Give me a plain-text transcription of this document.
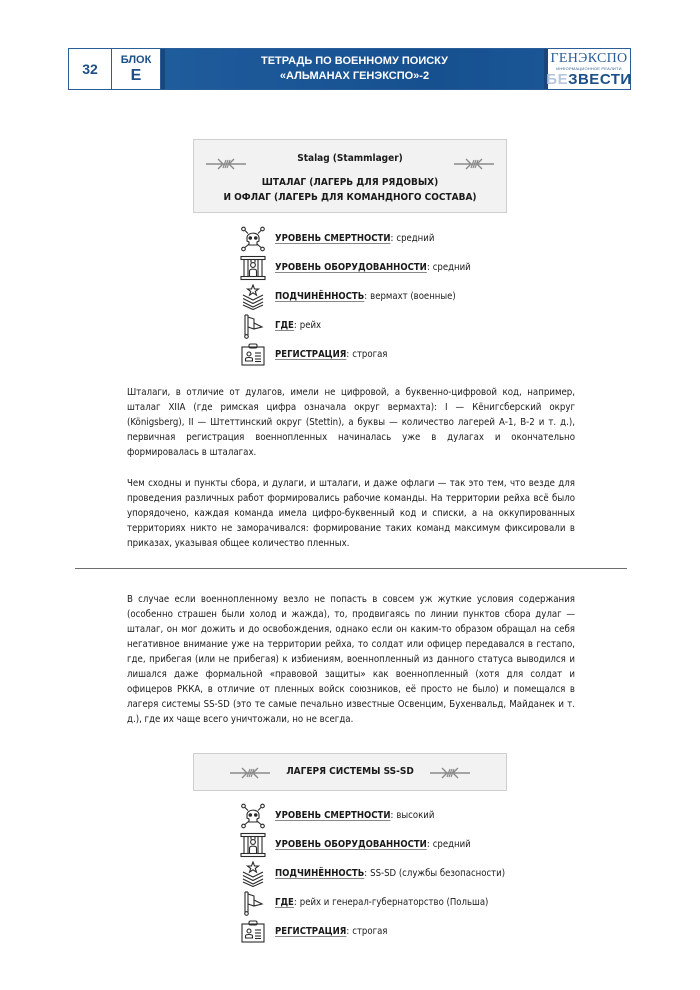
32
БЛОК
Е
ТЕТРАДЬ ПО ВОЕННОМУ ПОИСКУ
«АЛЬМАНАХ ГЕНЭКСПО»-2
ГЕНЭКСПО
ИНФОРМАЦИОННОЕ РЕАЛИТИ
БЕЗВЕСТИ
Stalag (Stammlager)
ШТАЛАГ (ЛАГЕРЬ ДЛЯ РЯДОВЫХ)
И ОФЛАГ (ЛАГЕРЬ ДЛЯ КОМАНДНОГО СОСТАВА)
УРОВЕНЬ СМЕРТНОСТИ : средний
УРОВЕНЬ ОБОРУДОВАННОСТИ : средний
ПОДЧИНЁННОСТЬ : вермахт (военные)
ГДЕ : рейх
РЕГИСТРАЦИЯ : строгая

Шталаги, в отличие от дулагов, имели не цифровой, а буквенно-цифровой код, например, шталаг XIIA (где римская цифра означала округ вермахта): I — Кёнигсберский округ (Königsberg), II — Штеттинский округ (Stettin), а буквы — количество лагерей А-1, В-2 и т. д.), первичная регистрация военнопленных начиналась уже в дулагах и окончательно формировалась в шталагах.

Чем сходны и пункты сбора, и дулаги, и шталаги, и даже офлаги — так это тем, что везде для проведения различных работ формировались рабочие команды. На территории рейха всё было упорядочено, каждая команда имела цифро-буквенный код и списки, а на оккупированных территориях никто не заморачивался: формирование таких команд максимум фиксировали в приказах, указывая общее количество пленных.

В случае если военнопленному везло не попасть в совсем уж жуткие условия содержания (особенно страшен были холод и жажда), то, продвигаясь по линии пунктов сбора дулаг — шталаг, он мог дожить и до освобождения, однако если он каким-то образом обращал на себя негативное внимание уже на территории рейха, то солдат или офицер передавался в гестапо, где, прибегая (или не прибегая) к избиениям, военнопленный из данного статуса выводился и лишался даже формальной «правовой защиты» как военнопленный (хотя для солдат и офицеров РККА, в отличие от пленных войск союзников, её просто не было) и помещался в лагеря системы SS-SD (это те самые печально известные Освенцим, Бухенвальд, Майданек и т. д.), где их чаще всего уничтожали, но не всегда.

ЛАГЕРЯ СИСТЕМЫ SS-SD
УРОВЕНЬ СМЕРТНОСТИ : высокий
УРОВЕНЬ ОБОРУДОВАННОСТИ : средний
ПОДЧИНЁННОСТЬ : SS-SD (службы безопасности)
ГДЕ : рейх и генерал-губернаторство (Польша)
РЕГИСТРАЦИЯ : строгая
